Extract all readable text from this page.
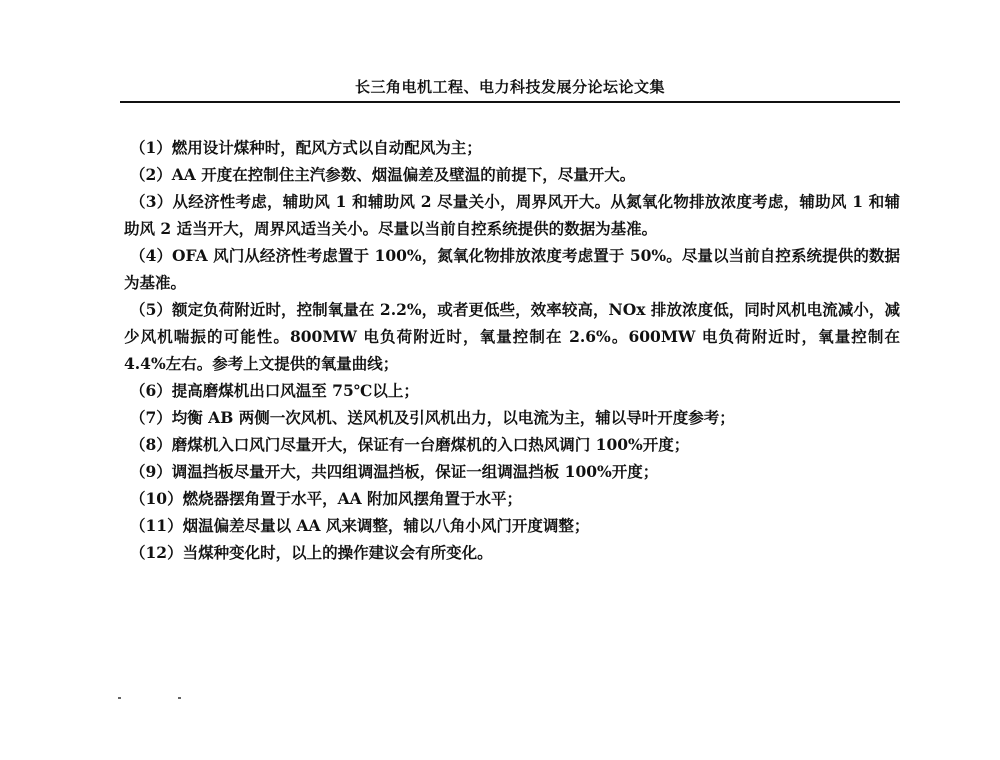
长三角电机工程、电力科技发展分论坛论文集

（1）燃用设计煤种时，配风方式以自动配风为主；

（2）AA 开度在控制住主汽参数、烟温偏差及壁温的前提下，尽量开大。

（3）从经济性考虑，辅助风 1 和辅助风 2 尽量关小，周界风开大。从氮氧化物排放浓度考虑，辅助风 1 和辅助风 2 适当开大，周界风适当关小。尽量以当前自控系统提供的数据为基准。

（4）OFA 风门从经济性考虑置于 100%，氮氧化物排放浓度考虑置于 50%。尽量以当前自控系统提供的数据为基准。

（5）额定负荷附近时，控制氧量在 2.2%，或者更低些，效率较高，NOx 排放浓度低，同时风机电流减小，减少风机喘振的可能性。800MW 电负荷附近时，氧量控制在 2.6%。600MW 电负荷附近时，氧量控制在 4.4%左右。参考上文提供的氧量曲线；

（6）提高磨煤机出口风温至 75℃以上；

（7）均衡 AB 两侧一次风机、送风机及引风机出力，以电流为主，辅以导叶开度参考；

（8）磨煤机入口风门尽量开大，保证有一台磨煤机的入口热风调门 100%开度；

（9）调温挡板尽量开大，共四组调温挡板，保证一组调温挡板 100%开度；

（10）燃烧器摆角置于水平，AA 附加风摆角置于水平；

（11）烟温偏差尽量以 AA 风来调整，辅以八角小风门开度调整；

（12）当煤种变化时，以上的操作建议会有所变化。
